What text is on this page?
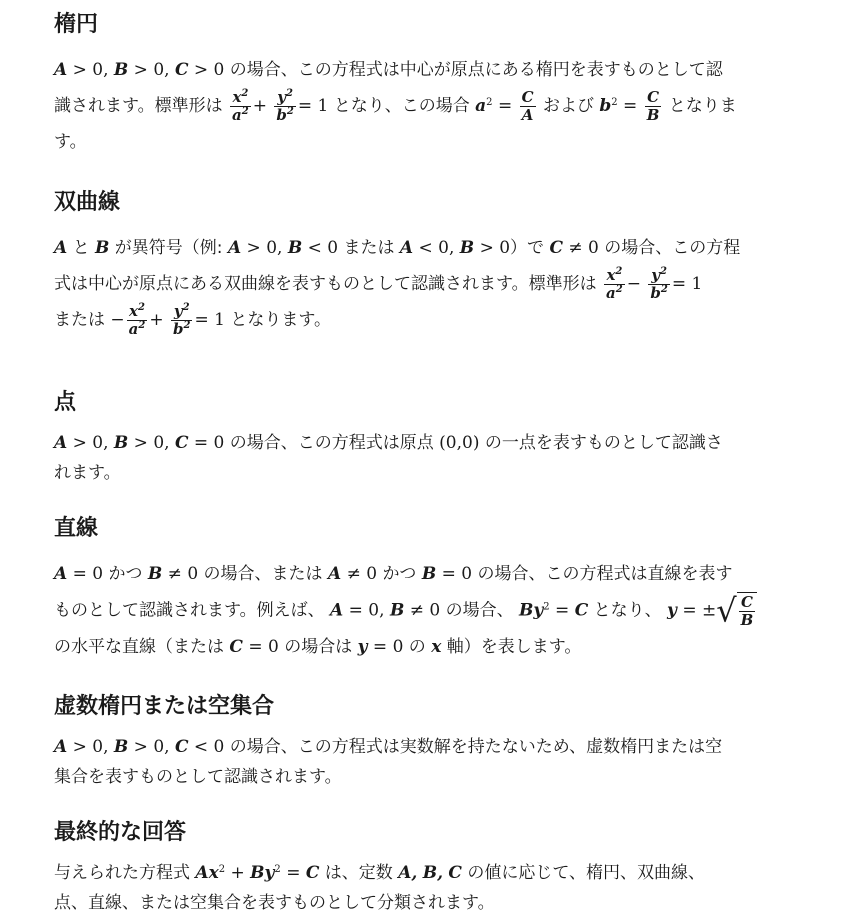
楕円

A > 0, B > 0, C > 0 の場合、この方程式は中心が原点にある楕円を表すものとして認
識されます。標準形は $\frac{x^2}{a^2} + \frac{y^2}{b^2} = 1$ となり、この場合 $a^2 = \frac{C}{A}$ および $b^2 = \frac{C}{B}$ となりま
す。

双曲線

A と B が異符号（例: A > 0, B < 0 または A < 0, B > 0）で C ≠ 0 の場合、この方程
式は中心が原点にある双曲線を表すものとして認識されます。標準形は $\frac{x^2}{a^2} - \frac{y^2}{b^2} = 1$
または − $\frac{x^2}{a^2} + \frac{y^2}{b^2} = 1$ となります。

点

A > 0, B > 0, C = 0 の場合、この方程式は原点 (0,0) の一点を表すものとして認識さ
れます。

直線

A = 0 かつ B ≠ 0 の場合、または A ≠ 0 かつ B = 0 の場合、この方程式は直線を表す
ものとして認識されます。例えば、 A = 0, B ≠ 0 の場合、 $By^2 = C$ となり、 y = ±√ $\frac{C}{B}$

の水平な直線（または C = 0 の場合は y = 0 の x 軸）を表します。

虚数楕円または空集合

A > 0, B > 0, C < 0 の場合、この方程式は実数解を持たないため、虚数楕円または空
集合を表すものとして認識されます。

最終的な回答

与えられた方程式 $Ax^2 + By^2 = C$ は、定数 A, B, C の値に応じて、楕円、双曲線、
点、直線、または空集合を表すものとして分類されます。
